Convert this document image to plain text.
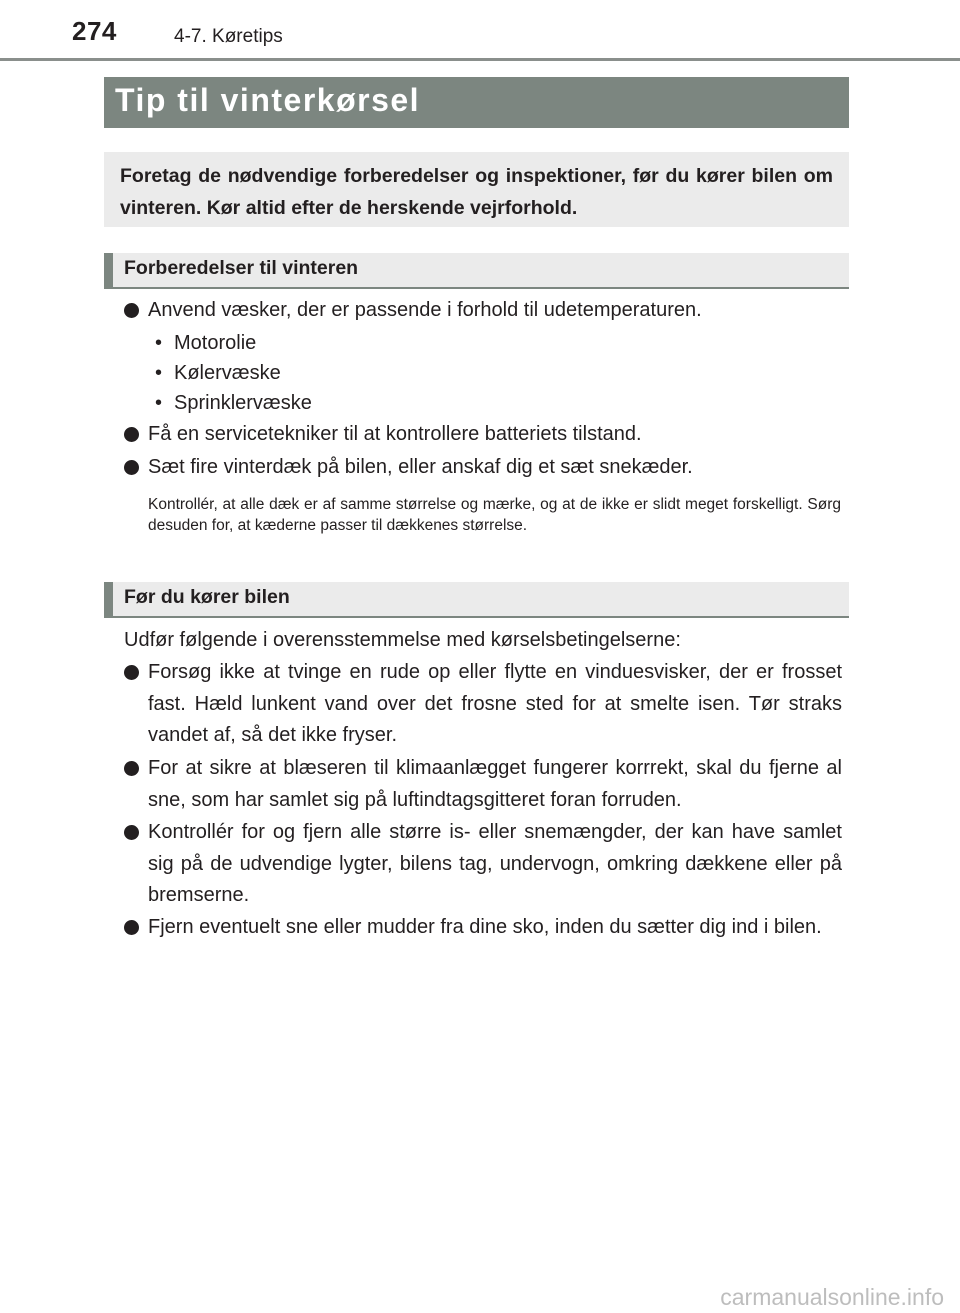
274	4-7. Køretips
Tip til vinterkørsel

Foretag de nødvendige forberedelser og inspektioner, før du kører bilen om vinteren. Kør altid efter de herskende vejrforhold.

Forberedelser til vinteren
Anvend væsker, der er passende i forhold til udetemperaturen.
• Motorolie
• Kølervæske
• Sprinklervæske
Få en servicetekniker til at kontrollere batteriets tilstand.
Sæt fire vinterdæk på bilen, eller anskaf dig et sæt snekæder.
Kontrollér, at alle dæk er af samme størrelse og mærke, og at de ikke er slidt meget forskelligt. Sørg desuden for, at kæderne passer til dækkenes størrelse.
Før du kører bilen
Udfør følgende i overensstemmelse med kørselsbetingelserne:
Forsøg ikke at tvinge en rude op eller flytte en vinduesvisker, der er frosset fast. Hæld lunkent vand over det frosne sted for at smelte isen. Tør straks vandet af, så det ikke fryser.
For at sikre at blæseren til klimaanlægget fungerer korrrekt, skal du fjerne al sne, som har samlet sig på luftindtagsgitteret foran forruden.
Kontrollér for og fjern alle større is- eller snemængder, der kan have samlet sig på de udvendige lygter, bilens tag, undervogn, omkring dækkene eller på bremserne.
Fjern eventuelt sne eller mudder fra dine sko, inden du sætter dig ind i bilen.
carmanualsonline.info
